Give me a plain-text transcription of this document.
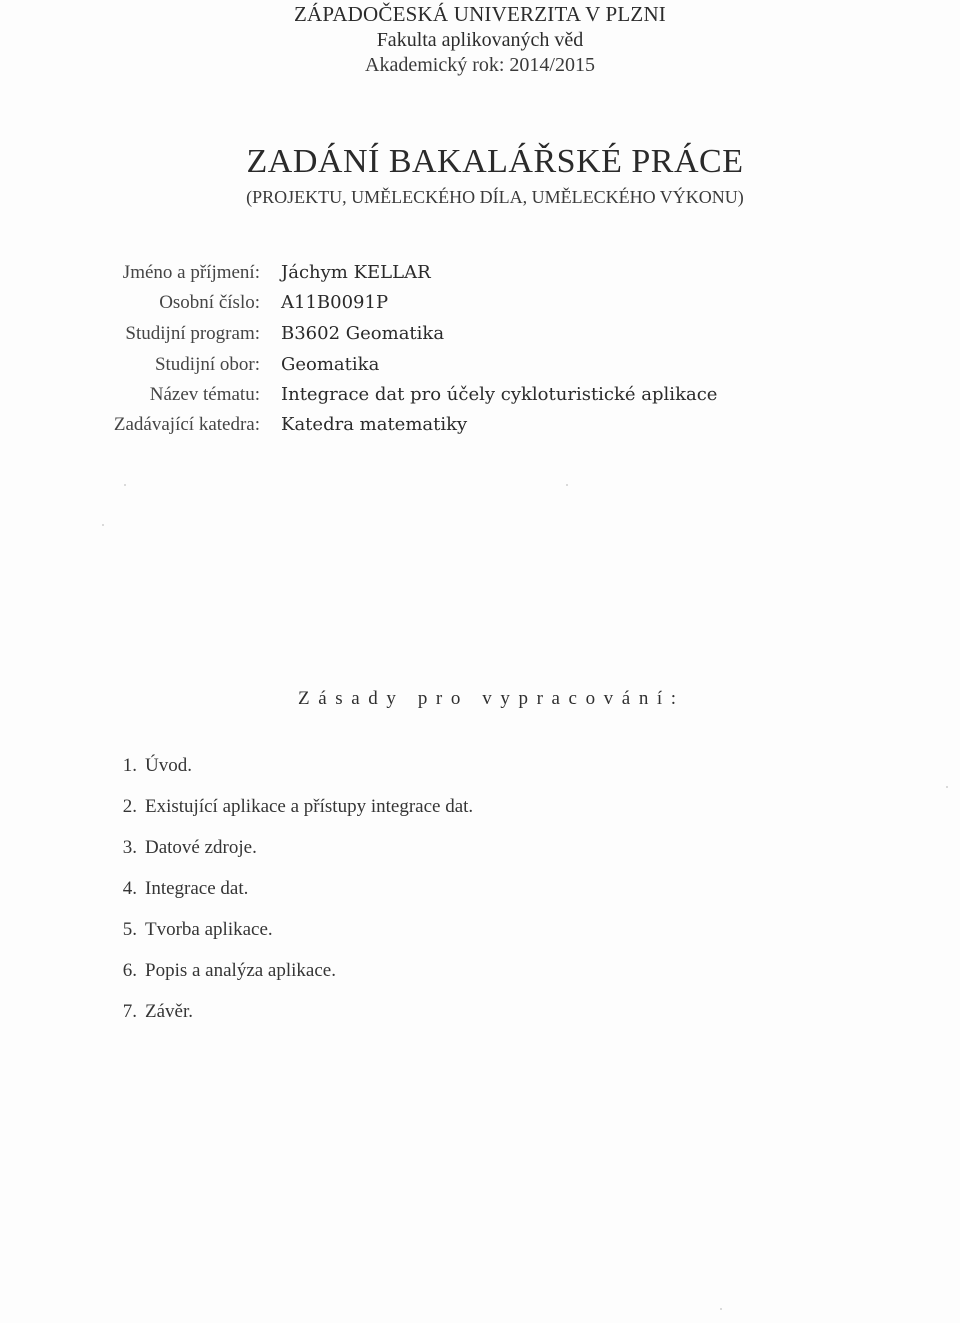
ZÁPADOČESKÁ UNIVERZITA V PLZNI
Fakulta aplikovaných věd
Akademický rok: 2014/2015
ZADÁNÍ BAKALÁŘSKÉ PRÁCE
(PROJEKTU, UMĚLECKÉHO DÍLA, UMĚLECKÉHO VÝKONU)
Jméno a příjmení: Jáchym KELLAR
Osobní číslo: A11B0091P
Studijní program: B3602 Geomatika
Studijní obor: Geomatika
Název tématu: Integrace dat pro účely cykloturistické aplikace
Zadávající katedra: Katedra matematiky
Zásady pro vypracování:
1. Úvod.
2. Existující aplikace a přístupy integrace dat.
3. Datové zdroje.
4. Integrace dat.
5. Tvorba aplikace.
6. Popis a analýza aplikace.
7. Závěr.
